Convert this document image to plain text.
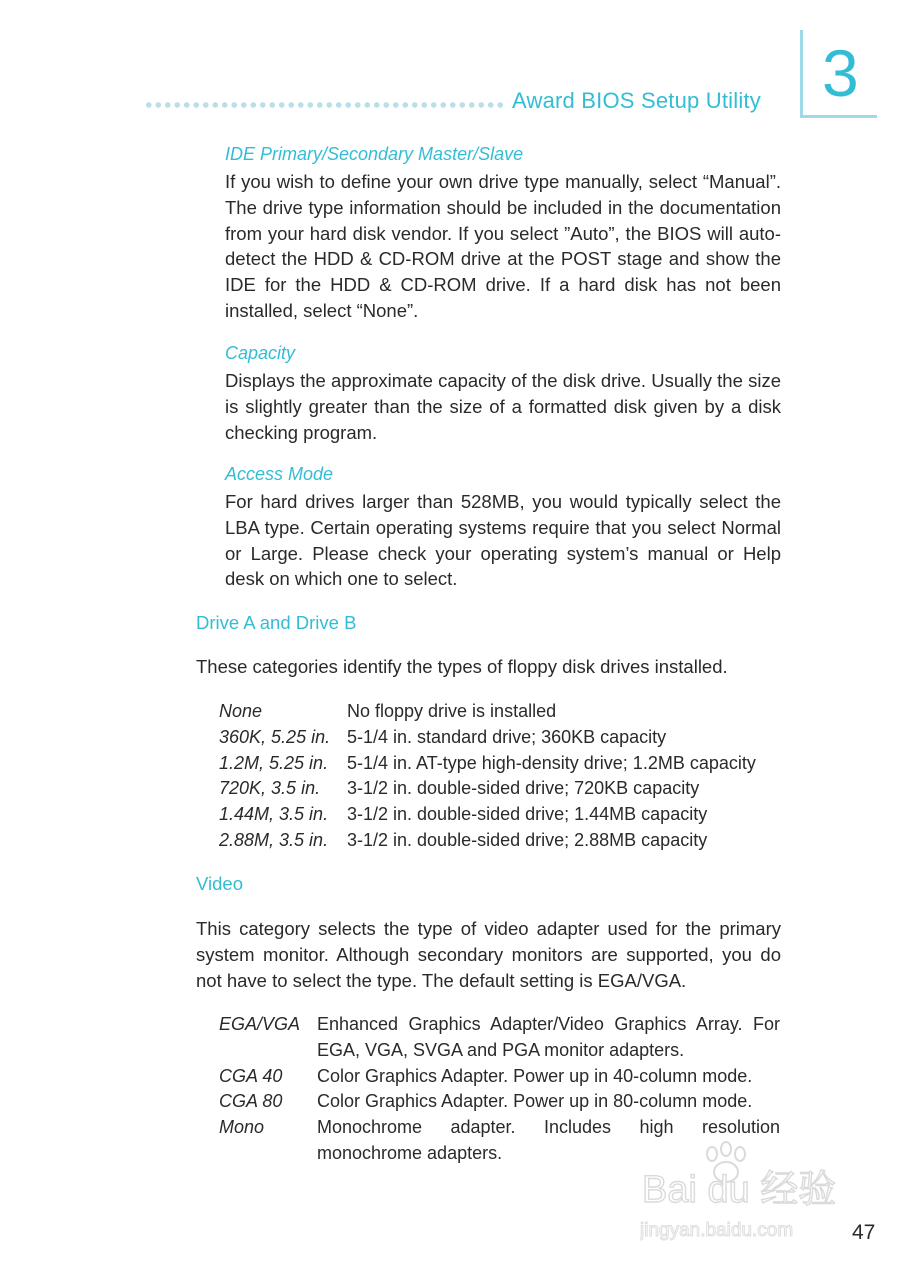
Award BIOS Setup Utility 3
IDE Primary/Secondary Master/Slave
If you wish to define your own drive type manually, select “Manual”. The drive type information should be included in the documentation from your hard disk vendor. If you select ”Auto”, the BIOS will auto-detect the HDD & CD-ROM drive at the POST stage and show the IDE for the HDD & CD-ROM drive. If a hard disk has not been installed, select “None”.
Capacity
Displays the approximate capacity of the disk drive. Usually the size is slightly greater than the size of a formatted disk given by a disk checking program.
Access Mode
For hard drives larger than 528MB, you would typically select the LBA type. Certain operating systems require that you select Normal or Large. Please check your operating system’s manual or Help desk on which one to select.
Drive A and Drive B
These categories identify the types of floppy disk drives installed.
None	No floppy drive is installed
360K, 5.25 in. 5-1/4 in. standard drive; 360KB capacity
1.2M, 5.25 in.	5-1/4 in. AT-type high-density drive; 1.2MB capacity
720K, 3.5 in.	3-1/2 in. double-sided drive; 720KB capacity
1.44M, 3.5 in.	3-1/2 in. double-sided drive; 1.44MB capacity
2.88M, 3.5 in.	3-1/2 in. double-sided drive; 2.88MB capacity
Video
This category selects the type of video adapter used for the primary system monitor. Although secondary monitors are supported, you do not have to select the type. The default setting is EGA/VGA.
EGA/VGA Enhanced Graphics Adapter/Video Graphics Array. For EGA, VGA, SVGA and PGA monitor adapters.
CGA 40	Color Graphics Adapter. Power up in 40-column mode.
CGA 80	Color Graphics Adapter. Power up in 80-column mode.
Mono	Monochrome adapter. Includes high resolution monochrome adapters.
Bai du 经验
jingyan.baidu.com	47
